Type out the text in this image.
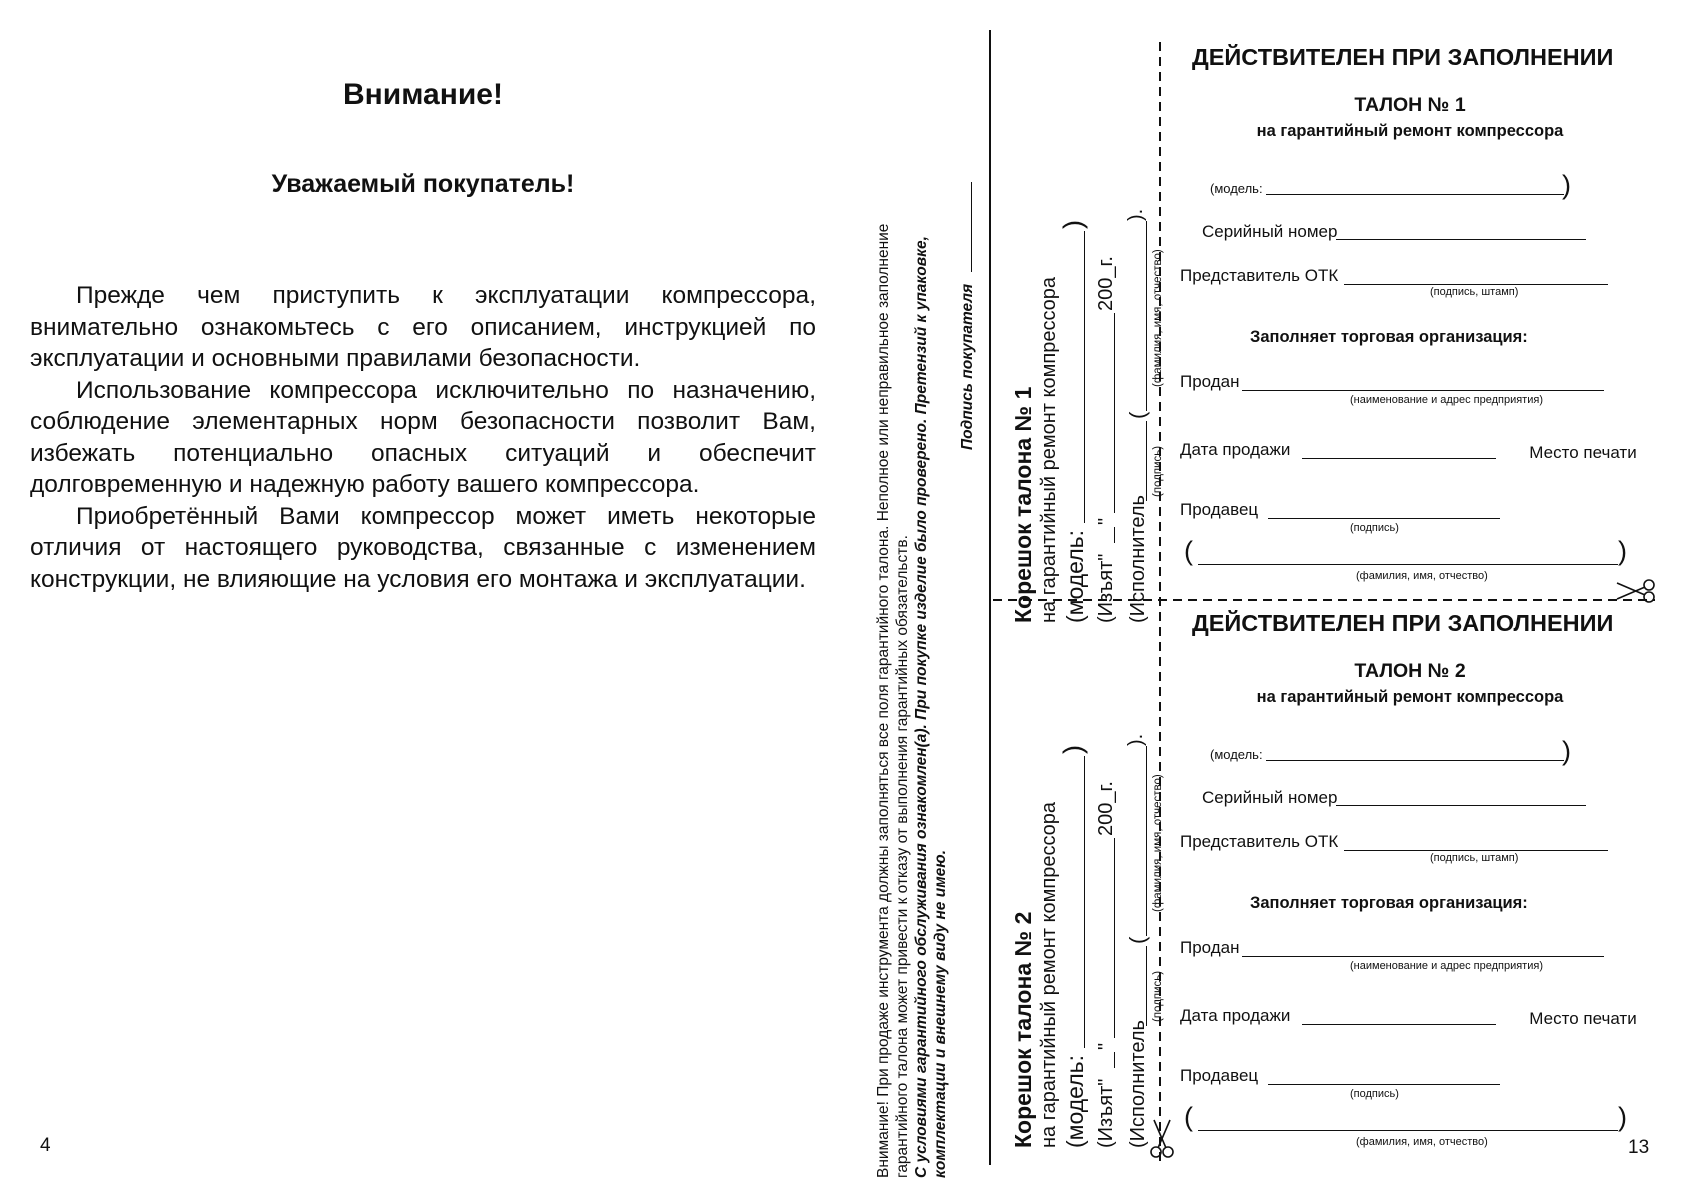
Внимание!
Уважаемый покупатель!

Прежде чем приступить к эксплуатации компрессора, внимательно ознакомьтесь с его описанием, инструкцией по эксплуатации и основными правилами безопасности.

Использование компрессора исключительно по назначению, соблюдение элементарных норм безопасности позволит Вам, избежать потенциально опасных ситуаций и обеспечит долговременную и надежную работу вашего компрессора.

Приобретённый Вами компрессор может иметь некоторые отличия от настоящего руководства, связанные с изменением конструкции, не влияющие на условия его монтажа и эксплуатации.

4	Внимание! При продаже инструмента должны заполняться все поля гарантийного талона. Неполное или неправильное заполнение гарантийного талона может привести к отказу от выполнения гарантийных обязательств. С условиями гарантийного обслуживания ознакомлен(а). При покупке изделие было проверено. Претензий к упаковке, комплектации и внешнему виду не имею.
Подпись покупателя
Корешок талона № 2 на гарантийный ремонт компрессора (модель:
)
(Изъят"
"
200_г.
(Исполнитель
(
).
(подпись)
(фамилия, имя, отчество)
Корешок талона № 1 на гарантийный ремонт компрессора (модель:
)
(Изъят"
"
200_г.
(Исполнитель
(
).
(подпись)
(фамилия, имя, отчество)
ДЕЙСТВИТЕЛЕН ПРИ ЗАПОЛНЕНИИ
ТАЛОН № 1
на гарантийный ремонт компрессора
(модель:	)
Серийный номер
Представитель ОТК
(подпись, штамп)
Заполняет торговая организация:
Продан
(наименование и адрес предприятия)
Дата продажи	Место печати
Продавец
(подпись)
(	)
(фамилия, имя, отчество)
ДЕЙСТВИТЕЛЕН ПРИ ЗАПОЛНЕНИИ
ТАЛОН № 2
на гарантийный ремонт компрессора
(модель:	)
Серийный номер
Представитель ОТК
(подпись, штамп)
Заполняет торговая организация:
Продан
(наименование и адрес предприятия)
Дата продажи	Место печати
Продавец
(подпись)
(	)
(фамилия, имя, отчество)	13
